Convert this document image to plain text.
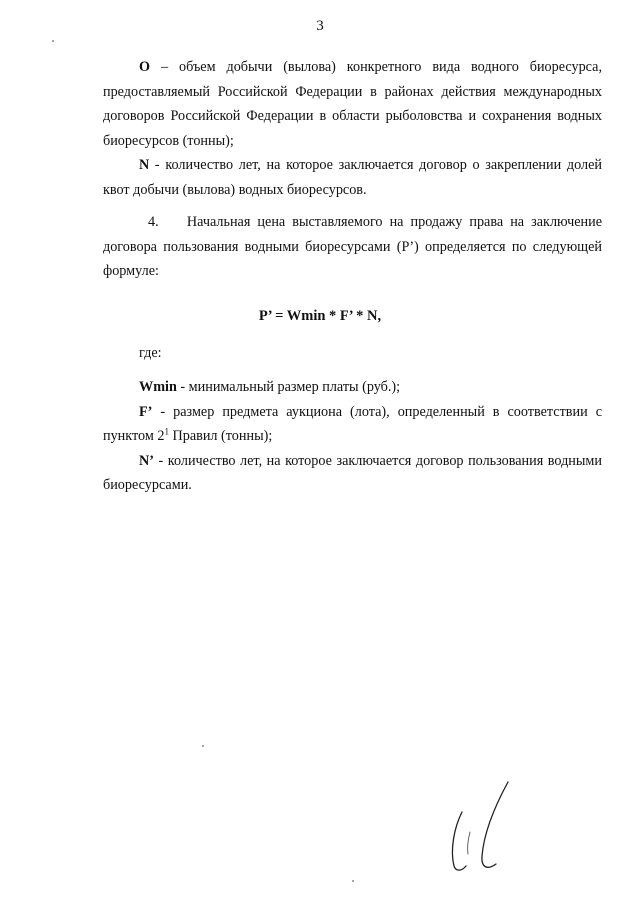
3

O – объем добычи (вылова) конкретного вида водного биоресурса, предоставляемый Российской Федерации в районах действия международных договоров Российской Федерации в области рыболовства и сохранения водных биоресурсов (тонны);

N - количество лет, на которое заключается договор о закреплении долей квот добычи (вылова) водных биоресурсов.

4. Начальная цена выставляемого на продажу права на заключение договора пользования водными биоресурсами (P’) определяется по следующей формуле:

P’ = Wmin * F’ * N,
где:

Wmin - минимальный размер платы (руб.);

F’ - размер предмета аукциона (лота), определенный в соответствии с пунктом $2^1$ Правил (тонны);

N’ - количество лет, на которое заключается договор пользования водными биоресурсами.
